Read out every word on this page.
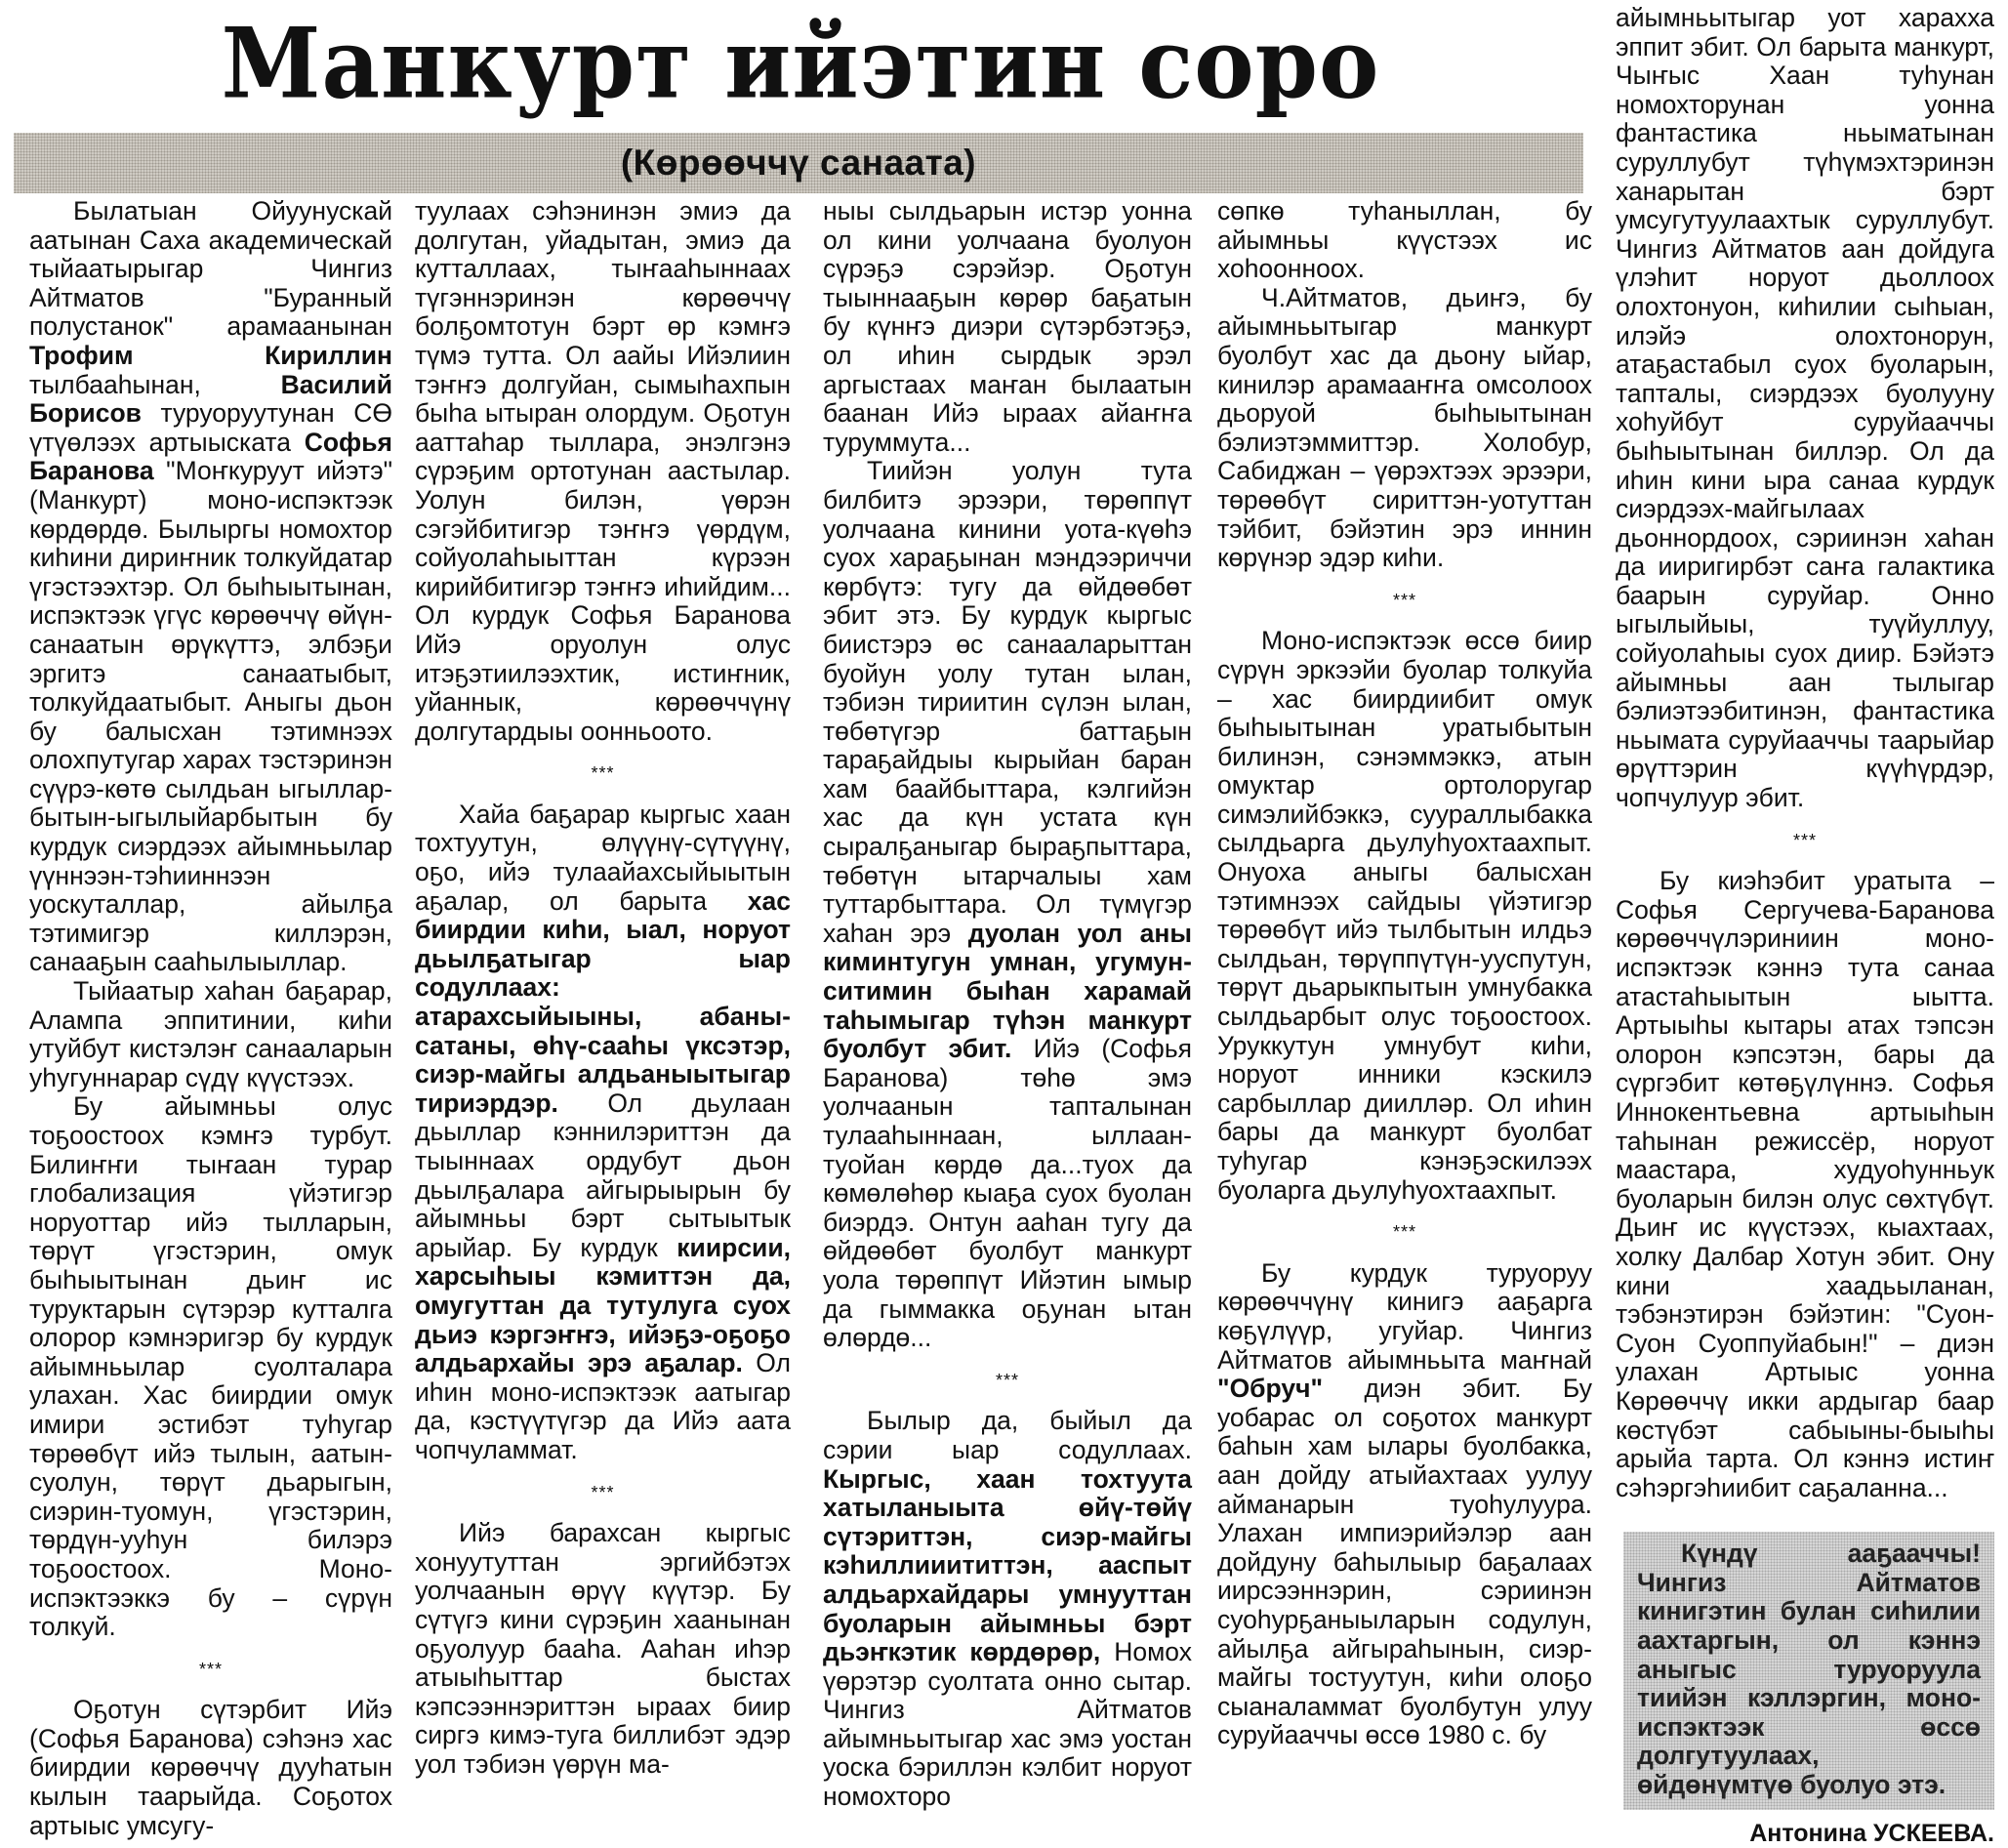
Манкурт ийэтин соро
(Көрөөччү санаата)

Былатыан Ойуунускай аатынан Саха академическай тыйаатырыгар Чингиз Айтматов "Буранный полустанок" арамаанынан Трофим Кириллин тылбааһынан, Василий Борисов туруоруутунан СӨ үтүөлээх артыыската Софья Баранова "Моҥкуруут ийэтэ" (Манкурт) моно-испэктээк көрдөрдө. Былыргы номохтор киһини дириҥник толкуйдатар үгэстээхтэр. Ол быһыытынан, испэктээк үгүс көрөөччү өйүн-санаатын өрүкүттэ, элбэҕи эргитэ санаатыбыт, толкуйдаатыбыт. Аныгы дьон бу балысхан тэтимнээх олохпутугар харах тэстэринэн сүүрэ-көтө сылдьан ыгылларбытын-ыгылыйарбытын бу курдук сиэрдээх айымньылар үүннээн-тэһииннээн уоскуталлар, айылҕа тэтимигэр киллэрэн, санааҕын сааһылыыллар.

Тыйаатыр хаһан баҕарар, Алампа эппитинии, киһи утуйбут кистэлэҥ санааларын уһугуннарар сүдү күүстээх.

Бу айымньы олус тоҕоостоох кэмҥэ турбут. Билиҥҥи тыҥаан турар глобализация үйэтигэр норуоттар ийэ тылларын, төрүт үгэстэрин, омук быһыытынан дьиҥ ис туруктарын сүтэрэр кутталга олорор кэмнэригэр бу курдук айымньылар суолталара улахан. Хас биирдии омук имири эстибэт туһугар төрөөбүт ийэ тылын, аатын-суолун, төрүт дьарыгын, сиэрин-туомун, үгэстэрин, төрдүн-ууһун билэрэ тоҕоостоох. Моно-испэктээккэ бу – сүрүн толкуй.

***

Оҕотун сүтэрбит Ийэ (Софья Баранова) сэһэнэ хас биирдии көрөөччү дууһатын кылын таарыйда. Соҕотох артыыс умсугу-

туулаах сэһэнинэн эмиэ да долгутан, уйадытан, эмиэ да кутталлаах, тыҥааһыннаах түгэннэринэн көрөөччү болҕомтотун бэрт өр кэмҥэ түмэ тутта. Ол аайы Ийэлиин тэҥҥэ долгуйан, сымыһахпын быһа ытыран олордум. Оҕотун ааттаһар тыллара, энэлгэнэ сүрэҕим ортотунан аастылар. Уолун билэн, үөрэн сэгэйбитигэр тэҥҥэ үөрдүм, сойуолаһыыттан күрээн кирийбитигэр тэҥҥэ иһийдим... Ол курдук Софья Баранова Ийэ оруолун олус итэҕэтиилээхтик, истиҥник, уйаннык, көрөөччүнү долгутардыы оонньоото.

***

Хайа баҕарар кыргыс хаан тохтуутун, өлүүнү-сүтүүнү, оҕо, ийэ тулаайахсыйыытын аҕалар, ол барыта хас биирдии киһи, ыал, норуот дьылҕатыгар ыар содуллаах: атарахсыйыыны, абаны-сатаны, өһү-сааһы үксэтэр, сиэр-майгы алдьаныытыгар тириэрдэр. Ол дьулаан дьыллар кэннилэриттэн да тыыннаах ордубут дьон дьылҕалара айгырыырын бу айымньы бэрт сытыытык арыйар. Бу курдук киирсии, харсыһыы кэмиттэн да, омугуттан да тутулуга суох дьиэ кэргэҥҥэ, ийэҕэ-оҕоҕо алдьархайы эрэ аҕалар. Ол иһин моно-испэктээк аатыгар да, кэстүүтүгэр да Ийэ аата чопчуламмат.

***

Ийэ барахсан кыргыс хонуутуттан эргийбэтэх уолчаанын өрүү күүтэр. Бу сүтүгэ кини сүрэҕин хаанынан оҕуолуур бааһа. Ааһан иһэр атыыһыттар быстах кэпсээннэриттэн ыраах биир сиргэ кимэ-туга биллибэт эдэр уол тэбиэн үөрүн ма-

ныы сылдьарын истэр уонна ол кини уолчаана буолуон сүрэҕэ сэрэйэр. Оҕотун тыыннааҕын көрөр баҕатын бу күнҥэ диэри сүтэрбэтэҕэ, ол иһин сырдык эрэл аргыстаах маҥан былаатын баанан Ийэ ыраах айаҥҥа туруммута...

Тиийэн уолун тута билбитэ эрээри, төрөппүт уолчаана кинини уота-күөһэ суох хараҕынан мэндээриччи көрбүтэ: тугу да өйдөөбөт эбит этэ. Бу курдук кыргыс биистэрэ өс санааларыттан буойун уолу тутан ылан, тэбиэн тириитин сүлэн ылан, төбөтүгэр баттаҕын тараҕайдыы кырыйан баран хам баайбыттара, кэлгийэн хас да күн устата күн сыралҕаныгар быраҕпыттара, төбөтүн ытарчалыы хам туттарбыттара. Ол түмүгэр хаһан эрэ дуолан уол аны киминтугун умнан, угумун-ситимин быһан харамай таһымыгар түһэн манкурт буолбут эбит. Ийэ (Софья Баранова) төһө эмэ уолчаанын тапталынан тулааһыннаан, ыллаан-туойан көрдө да...туох да көмөлөһөр кыаҕа суох буолан биэрдэ. Онтун ааһан тугу да өйдөөбөт буолбут манкурт уола төрөппүт Ийэтин ымыр да гыммакка оҕунан ытан өлөрдө...

***

Былыр да, быйыл да сэрии ыар содуллаах. Кыргыс, хаан тохтуута хатыланыыта өйү-төйү сүтэриттэн, сиэр-майгы кэһиллииититтэн, ааспыт алдьархайдары умнууттан буоларын айымньы бэрт дьэҥкэтик көрдөрөр, Номох үөрэтэр суолтата онно сытар. Чингиз Айтматов айымньытыгар хас эмэ уостан уоска бэриллэн кэлбит норуот номохторо

сөпкө туһаныллан, бу айымньы күүстээх ис хоһоонноох.

Ч.Айтматов, дьиҥэ, бу айымньытыгар манкурт буолбут хас да дьону ыйар, кинилэр арамааҥҥа омсолоох дьоруой быһыытынан бэлиэтэммиттэр. Холобур, Сабиджан – үөрэхтээх эрээри, төрөөбүт сириттэн-уотуттан тэйбит, бэйэтин эрэ иннин көрүнэр эдэр киһи.

***

Моно-испэктээк өссө биир сүрүн эркээйи буолар толкуйа – хас биирдиибит омук быһыытынан уратыбытын билинэн, сэнэммэккэ, атын омуктар ортолоругар симэлийбэккэ, суураллыбакка сылдьарга дьулуһуохтаахпыт. Онуоха аныгы балысхан тэтимнээх сайдыы үйэтигэр төрөөбүт ийэ тылбытын илдьэ сылдьан, төрүппүтүн-ууспутун, төрүт дьарыкпытын умнубакка сылдьарбыт олус тоҕоостоох. Уруккутун умнубут киһи, норуот инники кэскилэ сарбыллар диилләр. Ол иһин бары да манкурт буолбат туһугар кэнэҕэскилээх буоларга дьулуһуохтаахпыт.

***

Бу курдук туруоруу көрөөччүнү кинигэ ааҕарга көҕүлүүр, угуйар. Чингиз Айтматов айымньыта маҥнай "Обруч" диэн эбит. Бу уобарас ол соҕотох манкурт баһын хам ылары буолбакка, аан дойду атыйахтаах уулуу айманарын туоһулуура. Улахан импиэрийэлэр аан дойдуну баһылыыр баҕалаах иирсээннэрин, сэриинэн суоһурҕаныыларын содулун, айылҕа айгыраһынын, сиэр-майгы тостуутун, киһи олоҕо сыаналаммат буолбутун улуу суруйааччы өссө 1980 с. бу

айымньытыгар уот харахха эппит эбит. Ол барыта манкурт, Чыҥыс Хаан туһунан номохторунан уонна фантастика ньыматынан суруллубут түһүмэхтэринэн ханарытан бэрт умсугутуулаахтык суруллубут. Чингиз Айтматов аан дойдуга үлэһит норуот дьоллоох олохтонуон, киһилии сыһыан, илэйэ олохтонорун, атаҕастабыл суох буоларын, тапталы, сиэрдээх буолууну хоһуйбут суруйааччы быһыытынан биллэр. Ол да иһин кини ыра санаа курдук сиэрдээх-майгылаах дьоннордоох, сэриинэн хаһан да ииригирбэт саҥа галактика баарын суруйар. Онно ыгылыйыы, туүйуллуу, сойуолаһыы суох диир. Бэйэтэ айымньы аан тылыгар бэлиэтээбитинэн, фантастика ньымата суруйааччы таарыйар өрүттэрин күүһүрдэр, чопчулуур эбит.

***

Бу киэһэбит уратыта – Софья Сергучева-Баранова көрөөччүлэриниин моно-испэктээк кэннэ тута санаа атастаһыытын ыытта. Артыыһы кытары атах тэпсэн олорон кэпсэтэн, бары да сүргэбит көтөҕүлүннэ. Софья Иннокентьевна артыыһын таһынан режиссёр, норуот маастара, худуоһунньук буоларын билэн олус сөхтүбүт. Дьиҥ ис күүстээх, кыахтаах, холку Далбар Хотун эбит. Ону кини хаадьыланан, тэбэнэтирэн бэйэтин: "Суон-Суон Суоппуйабын!" – диэн улахан Артыыс уонна Көрөөччү икки ардыгар баар көстүбэт сабыыны-быыһы арыйа тарта. Ол кэннэ истиҥ сэһэргэһиибит саҕаланна...

Күндү ааҕааччы! Чингиз Айтматов кинигэтин булан сиһилии аахтаргын, ол кэннэ аныгыс туруоруула тиийэн кэллэргин, моно-испэктээк өссө долгутуулаах, өйдөнүмтүө буолуо этэ.

Антонина УСКЕЕВА.
